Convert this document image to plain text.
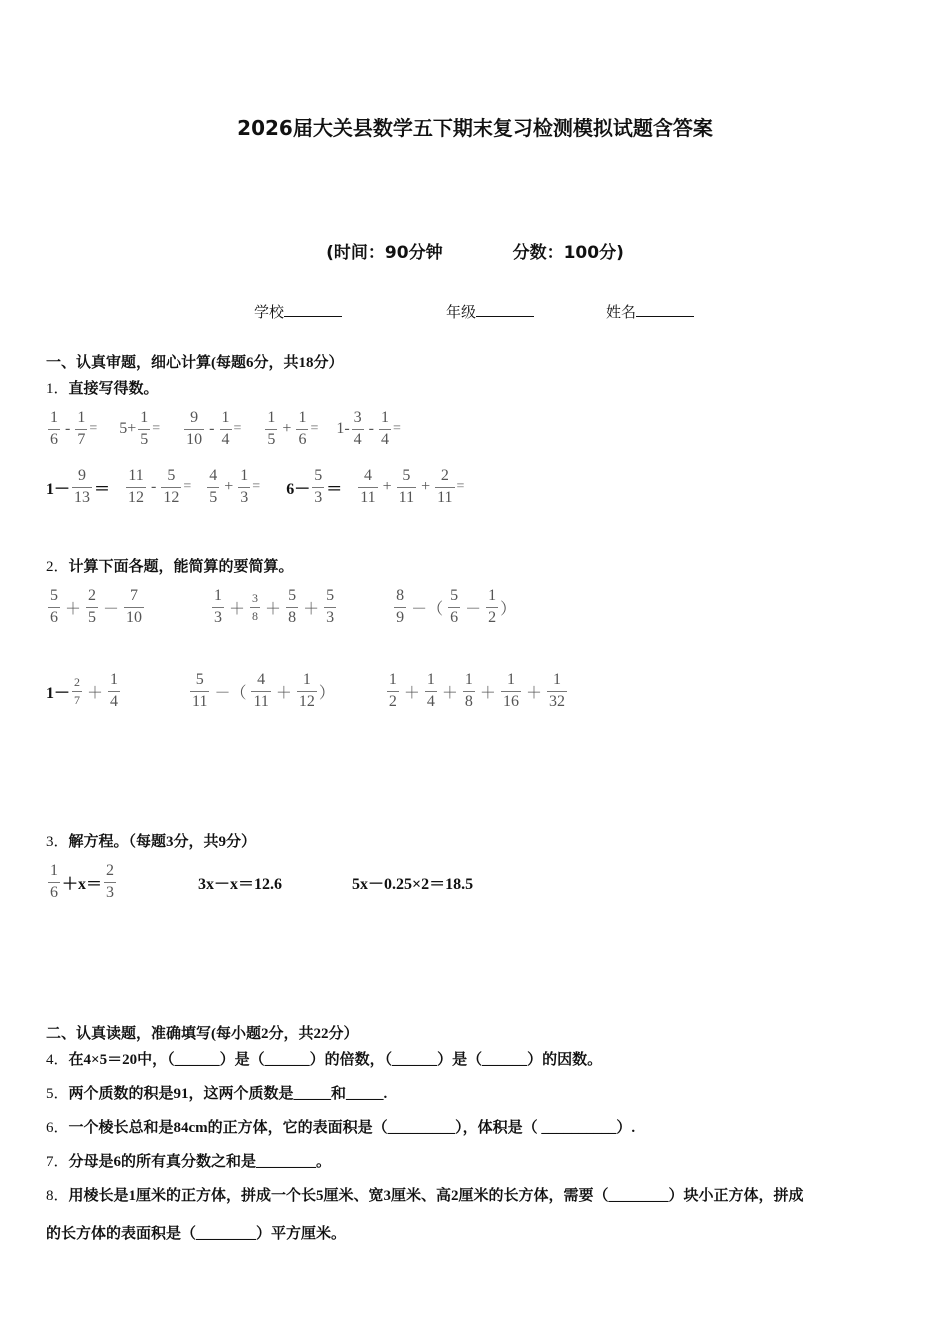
2026届大关县数学五下期末复习检测模拟试题含答案
(时间：90分钟	分数：100分)
学校	年级	姓名
一、认真审题，细心计算(每题6分，共18分）
1．直接写得数。
$\frac{1}{6} - \frac{1}{7} = 5+ \frac{1}{5} = \frac{9}{10} - \frac{1}{4} = \frac{1}{5} + \frac{1}{6} = 1- \frac{3}{4} - \frac{1}{4}$ =
$1- \frac{9}{13} = \frac{11}{12} - \frac{5}{12} = \frac{4}{5} + \frac{1}{3} = 6- \frac{5}{3} = \frac{4}{11} + \frac{5}{11} + \frac{2}{11}$ =
2．计算下面各题，能简算的要简算。
$\frac{5}{6} + \frac{2}{5} - \frac{7}{10}$	$\frac{1}{3} + \frac{3}{8} + \frac{5}{8} + \frac{5}{3}$	$\frac{8}{9}$ －（ $\frac{5}{6} - \frac{1}{2}$ ）
$1- \frac{2}{7} + \frac{1}{4}$	$\frac{5}{11}$ －（ $\frac{4}{11} + \frac{1}{12}$ ）	$\frac{1}{2} + \frac{1}{4} + \frac{1}{8} + \frac{1}{16} + \frac{1}{32}$
3．解方程。（每题3分，共9分）
$\frac{1}{6} +x= \frac{2}{3}$	3x－x＝12.6	5x－0.25×2＝18.5
二、认真读题，准确填写(每小题2分，共22分）
4．在4×5＝20中，（______）是（______）的倍数，（______）是（______）的因数。
5．两个质数的积是91，这两个质数是_____和_____.
6．一个棱长总和是84cm的正方体，它的表面积是（_________），体积是（ __________）.
7．分母是6的所有真分数之和是________。
8．用棱长是1厘米的正方体，拼成一个长5厘米、宽3厘米、高2厘米的长方体，需要（________）块小正方体，拼成
的长方体的表面积是（________）平方厘米。
